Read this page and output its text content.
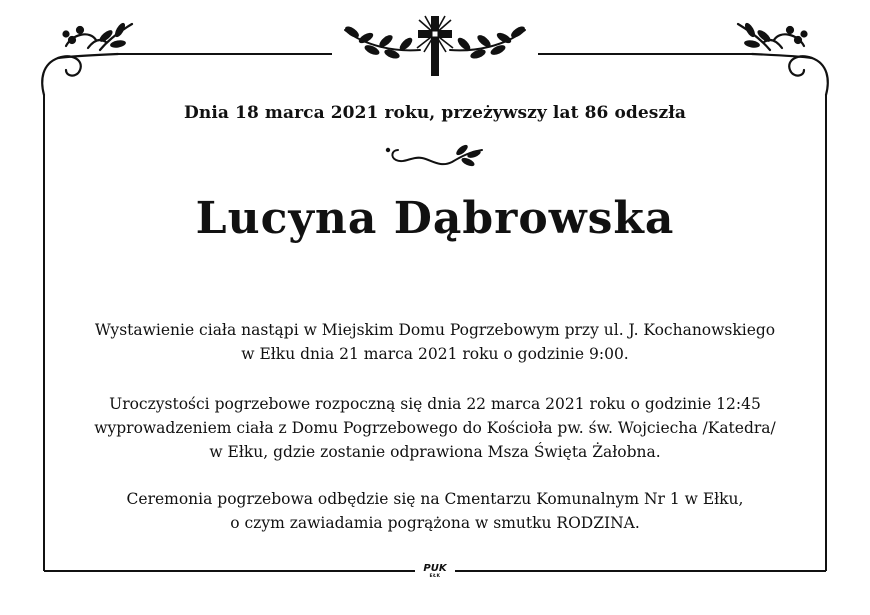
Dnia 18 marca 2021 roku, przeżywszy lat 86 odeszła
Lucyna Dąbrowska
Wystawienie ciała nastąpi w Miejskim Domu Pogrzebowym przy ul. J. Kochanowskiego
w Ełku dnia 21 marca 2021 roku o godzinie 9:00.
Uroczystości pogrzebowe rozpoczną się dnia 22 marca 2021 roku o godzinie 12:45
wyprowadzeniem ciała z Domu Pogrzebowego do Kościoła pw. św. Wojciecha /Katedra/
w Ełku, gdzie zostanie odprawiona Msza Święta Żałobna.
Ceremonia pogrzebowa odbędzie się na Cmentarzu Komunalnym Nr 1 w Ełku,
o czym zawiadamia pogrążona w smutku RODZINA.
PUK
EŁK
